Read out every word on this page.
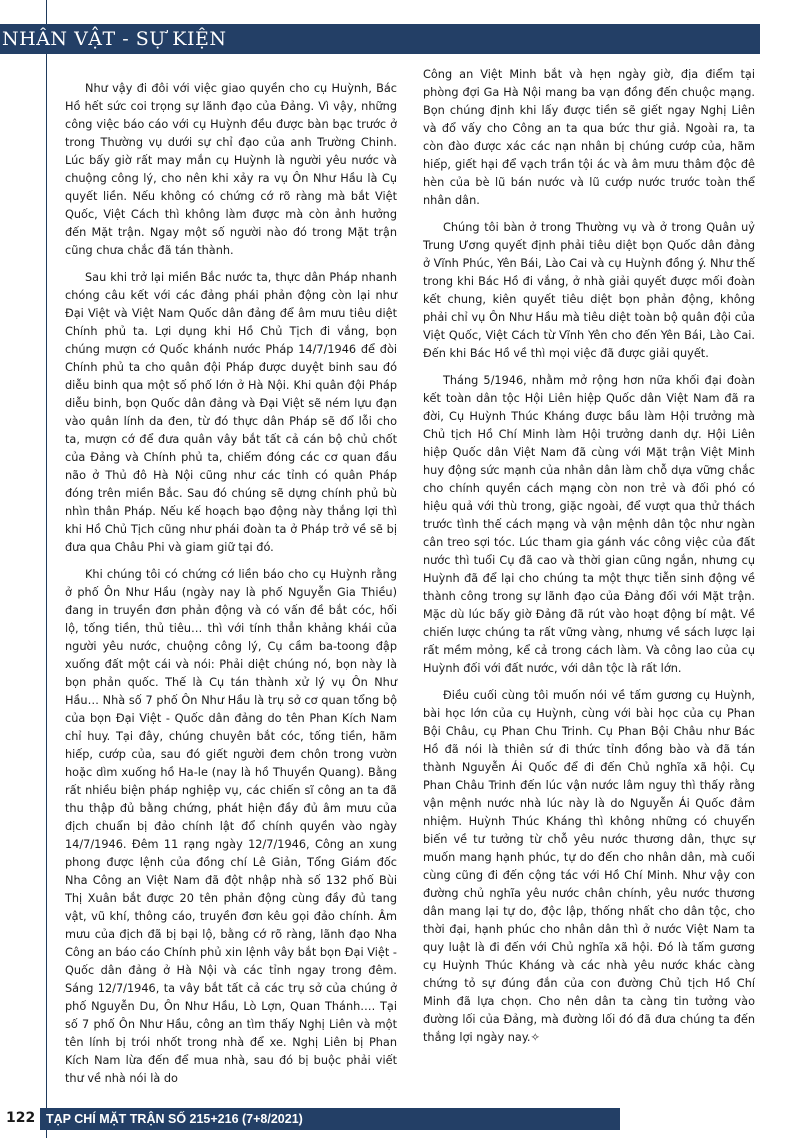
NHÂN VẬT - SỰ KIỆN

Như vậy đi đôi với việc giao quyền cho cụ Huỳnh, Bác Hồ hết sức coi trọng sự lãnh đạo của Đảng. Vì vậy, những công việc báo cáo với cụ Huỳnh đều được bàn bạc trước ở trong Thường vụ dưới sự chỉ đạo của anh Trường Chinh. Lúc bấy giờ rất may mắn cụ Huỳnh là người yêu nước và chuộng công lý, cho nên khi xảy ra vụ Ôn Như Hầu là Cụ quyết liền. Nếu không có chứng cớ rõ ràng mà bắt Việt Quốc, Việt Cách thì không làm được mà còn ảnh hưởng đến Mặt trận. Ngay một số người nào đó trong Mặt trận cũng chưa chắc đã tán thành.

Sau khi trở lại miền Bắc nước ta, thực dân Pháp nhanh chóng câu kết với các đảng phái phản động còn lại như Đại Việt và Việt Nam Quốc dân đảng để âm mưu tiêu diệt Chính phủ ta. Lợi dụng khi Hồ Chủ Tịch đi vắng, bọn chúng mượn cớ Quốc khánh nước Pháp 14/7/1946 để đòi Chính phủ ta cho quân đội Pháp được duyệt binh sau đó diễu binh qua một số phố lớn ở Hà Nội. Khi quân đội Pháp diễu binh, bọn Quốc dân đảng và Đại Việt sẽ ném lựu đạn vào quân lính da đen, từ đó thực dân Pháp sẽ đổ lỗi cho ta, mượn cớ để đưa quân vây bắt tất cả cán bộ chủ chốt của Đảng và Chính phủ ta, chiếm đóng các cơ quan đầu não ở Thủ đô Hà Nội cũng như các tỉnh có quân Pháp đóng trên miền Bắc. Sau đó chúng sẽ dựng chính phủ bù nhìn thân Pháp. Nếu kế hoạch bạo động này thắng lợi thì khi Hồ Chủ Tịch cũng như phái đoàn ta ở Pháp trở về sẽ bị đưa qua Châu Phi và giam giữ tại đó.

Khi chúng tôi có chứng cớ liền báo cho cụ Huỳnh rằng ở phố Ôn Như Hầu (ngày nay là phố Nguyễn Gia Thiều) đang in truyền đơn phản động và có vấn đề bắt cóc, hối lộ, tống tiền, thủ tiêu… thì với tính thẳn khảng khái của người yêu nước, chuộng công lý, Cụ cầm ba-toong đập xuống đất một cái và nói: Phải diệt chúng nó, bọn này là bọn phản quốc. Thế là Cụ tán thành xử lý vụ Ôn Như Hầu… Nhà số 7 phố Ôn Như Hầu là trụ sở cơ quan tổng bộ của bọn Đại Việt - Quốc dân đảng do tên Phan Kích Nam chỉ huy. Tại đây, chúng chuyên bắt cóc, tống tiền, hãm hiếp, cướp của, sau đó giết người đem chôn trong vườn hoặc dìm xuống hồ Ha-le (nay là hồ Thuyền Quang). Bằng rất nhiều biện pháp nghiệp vụ, các chiến sĩ công an ta đã thu thập đủ bằng chứng, phát hiện đầy đủ âm mưu của địch chuẩn bị đảo chính lật đổ chính quyền vào ngày 14/7/1946. Đêm 11 rạng ngày 12/7/1946, Công an xung phong được lệnh của đồng chí Lê Giản, Tổng Giám đốc Nha Công an Việt Nam đã đột nhập nhà số 132 phố Bùi Thị Xuân bắt được 20 tên phản động cùng đầy đủ tang vật, vũ khí, thông cáo, truyền đơn kêu gọi đảo chính. Âm mưu của địch đã bị bại lộ, bằng cớ rõ ràng, lãnh đạo Nha Công an báo cáo Chính phủ xin lệnh vây bắt bọn Đại Việt - Quốc dân đảng ở Hà Nội và các tỉnh ngay trong đêm. Sáng 12/7/1946, ta vây bắt tất cả các trụ sở của chúng ở phố Nguyễn Du, Ôn Như Hầu, Lò Lợn, Quan Thánh…. Tại số 7 phố Ôn Như Hầu, công an tìm thấy Nghị Liên và một tên lính bị trói nhốt trong nhà để xe. Nghị Liên bị Phan Kích Nam lừa đến để mua nhà, sau đó bị buộc phải viết thư về nhà nói là do

Công an Việt Minh bắt và hẹn ngày giờ, địa điểm tại phòng đợi Ga Hà Nội mang ba vạn đồng đến chuộc mạng. Bọn chúng định khi lấy được tiền sẽ giết ngay Nghị Liên và đổ vấy cho Công an ta qua bức thư giả. Ngoài ra, ta còn đào được xác các nạn nhân bị chúng cướp của, hãm hiếp, giết hại để vạch trần tội ác và âm mưu thâm độc đê hèn của bè lũ bán nước và lũ cướp nước trước toàn thể nhân dân.

Chúng tôi bàn ở trong Thường vụ và ở trong Quân uỷ Trung Ương quyết định phải tiêu diệt bọn Quốc dân đảng ở Vĩnh Phúc, Yên Bái, Lào Cai và cụ Huỳnh đồng ý. Như thế trong khi Bác Hồ đi vắng, ở nhà giải quyết được mối đoàn kết chung, kiên quyết tiêu diệt bọn phản động, không phải chỉ vụ Ôn Như Hầu mà tiêu diệt toàn bộ quân đội của Việt Quốc, Việt Cách từ Vĩnh Yên cho đến Yên Bái, Lào Cai. Đến khi Bác Hồ về thì mọi việc đã được giải quyết.

Tháng 5/1946, nhằm mở rộng hơn nữa khối đại đoàn kết toàn dân tộc Hội Liên hiệp Quốc dân Việt Nam đã ra đời, Cụ Huỳnh Thúc Kháng được bầu làm Hội trưởng mà Chủ tịch Hồ Chí Minh làm Hội trưởng danh dự. Hội Liên hiệp Quốc dân Việt Nam đã cùng với Mặt trận Việt Minh huy động sức mạnh của nhân dân làm chỗ dựa vững chắc cho chính quyền cách mạng còn non trẻ và đối phó có hiệu quả với thù trong, giặc ngoài, để vượt qua thử thách trước tình thế cách mạng và vận mệnh dân tộc như ngàn cân treo sợi tóc. Lúc tham gia gánh vác công việc của đất nước thì tuổi Cụ đã cao và thời gian cũng ngắn, nhưng cụ Huỳnh đã để lại cho chúng ta một thực tiễn sinh động về thành công trong sự lãnh đạo của Đảng đối với Mặt trận. Mặc dù lúc bấy giờ Đảng đã rút vào hoạt động bí mật. Về chiến lược chúng ta rất vững vàng, nhưng về sách lược lại rất mềm mỏng, kể cả trong cách làm. Và công lao của cụ Huỳnh đối với đất nước, với dân tộc là rất lớn.

Điều cuối cùng tôi muốn nói về tấm gương cụ Huỳnh, bài học lớn của cụ Huỳnh, cùng với bài học của cụ Phan Bội Châu, cụ Phan Chu Trinh. Cụ Phan Bội Châu như Bác Hồ đã nói là thiên sứ đi thức tỉnh đồng bào và đã tán thành Nguyễn Ái Quốc để đi đến Chủ nghĩa xã hội. Cụ Phan Châu Trinh đến lúc vận nước lâm nguy thì thấy rằng vận mệnh nước nhà lúc này là do Nguyễn Ái Quốc đảm nhiệm. Huỳnh Thúc Kháng thì không những có chuyển biến về tư tưởng từ chỗ yêu nước thương dân, thực sự muốn mang hạnh phúc, tự do đến cho nhân dân, mà cuối cùng cũng đi đến cộng tác với Hồ Chí Minh. Như vậy con đường chủ nghĩa yêu nước chân chính, yêu nước thương dân mang lại tự do, độc lập, thống nhất cho dân tộc, cho thời đại, hạnh phúc cho nhân dân thì ở nước Việt Nam ta quy luật là đi đến với Chủ nghĩa xã hội. Đó là tấm gương cụ Huỳnh Thúc Kháng và các nhà yêu nước khác càng chứng tỏ sự đúng đắn của con đường Chủ tịch Hồ Chí Minh đã lựa chọn. Cho nên dân ta càng tin tưởng vào đường lối của Đảng, mà đường lối đó đã đưa chúng ta đến thắng lợi ngày nay.✧

122 TẠP CHÍ MẶT TRẬN SỐ 215+216 (7+8/2021)
